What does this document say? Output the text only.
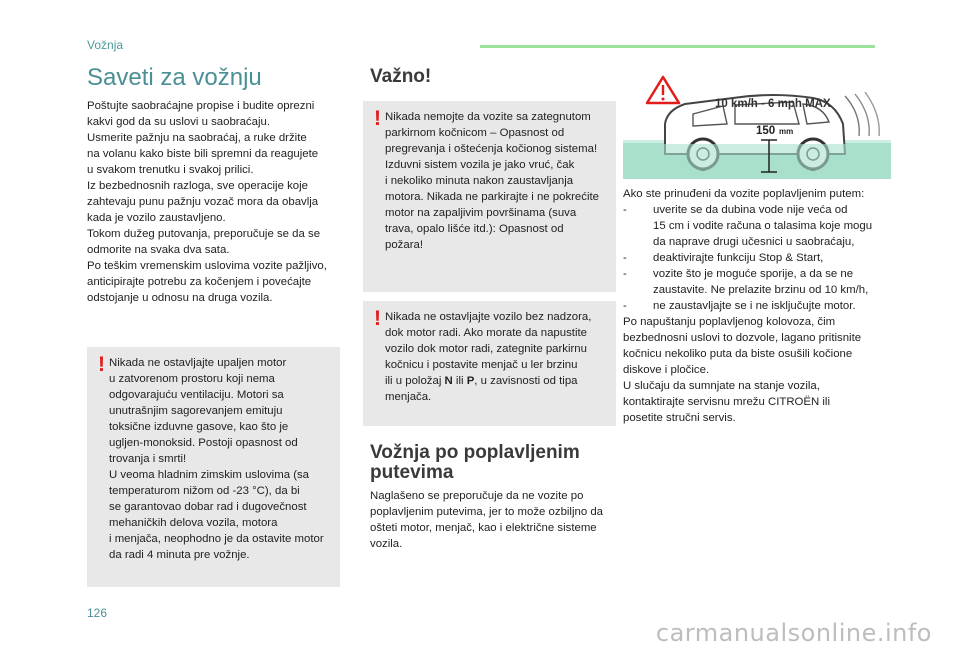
Vožnja
Saveti za vožnju

Poštujte saobraćajne propise i budite oprezni

kakvi god da su uslovi u saobraćaju.

Usmerite pažnju na saobraćaj, a ruke držite

na volanu kako biste bili spremni da reagujete

u svakom trenutku i svakoj prilici.

Iz bezbednosnih razloga, sve operacije koje

zahtevaju punu pažnju vozač mora da obavlja

kada je vozilo zaustavljeno.

Tokom dužeg putovanja, preporučuje se da se

odmorite na svaka dva sata.

Po teškim vremenskim uslovima vozite pažljivo,

anticipirajte potrebu za kočenjem i povećajte

odstojanje u odnosu na druga vozila.

! Nikada ne ostavljajte upaljen motor

u zatvorenom prostoru koji nema

odgovarajuću ventilaciju. Motori sa

unutrašnjim sagorevanjem emituju

toksične izduvne gasove, kao što je

ugljen-monoksid. Postoji opasnost od

trovanja i smrti!

U veoma hladnim zimskim uslovima (sa

temperaturom nižom od -23 °C), da bi

se garantovao dobar rad i dugovečnost

mehaničkih delova vozila, motora

i menjača, neophodno je da ostavite motor

da radi 4 minuta pre vožnje.

Važno!
! Nikada nemojte da vozite sa zategnutom

parkirnom kočnicom – Opasnost od

pregrevanja i oštećenja kočionog sistema!

Izduvni sistem vozila je jako vruć, čak

i nekoliko minuta nakon zaustavljanja

motora. Nikada ne parkirajte i ne pokrećite

motor na zapaljivim površinama (suva

trava, opalo lišće itd.): Opasnost od

požara!

! Nikada ne ostavljajte vozilo bez nadzora,

dok motor radi. Ako morate da napustite

vozilo dok motor radi, zategnite parkirnu

kočnicu i postavite menjač u ler brzinu

ili u položaj N ili P, u zavisnosti od tipa

menjača.

Vožnja po poplavljenim putevima

Naglašeno se preporučuje da ne vozite po

poplavljenim putevima, jer to može ozbiljno da

ošteti motor, menjač, kao i električne sisteme

vozila.

10 km/h - 6 mph MAX
150 mm

Ako ste prinuđeni da vozite poplavljenim putem:

-	uverite se da dubina vode nije veća od

15 cm i vodite računa o talasima koje mogu

da naprave drugi učesnici u saobraćaju,

-	deaktivirajte funkciju Stop & Start,

-	vozite što je moguće sporije, a da se ne

zaustavite. Ne prelazite brzinu od 10 km/h,

-	ne zaustavljajte se i ne isključujte motor.

Po napuštanju poplavljenog kolovoza, čim

bezbednosni uslovi to dozvole, lagano pritisnite

kočnicu nekoliko puta da biste osušili kočione

diskove i pločice.

U slučaju da sumnjate na stanje vozila,

kontaktirajte servisnu mrežu CITROËN ili

posetite stručni servis.

126
carmanualsonline.info
